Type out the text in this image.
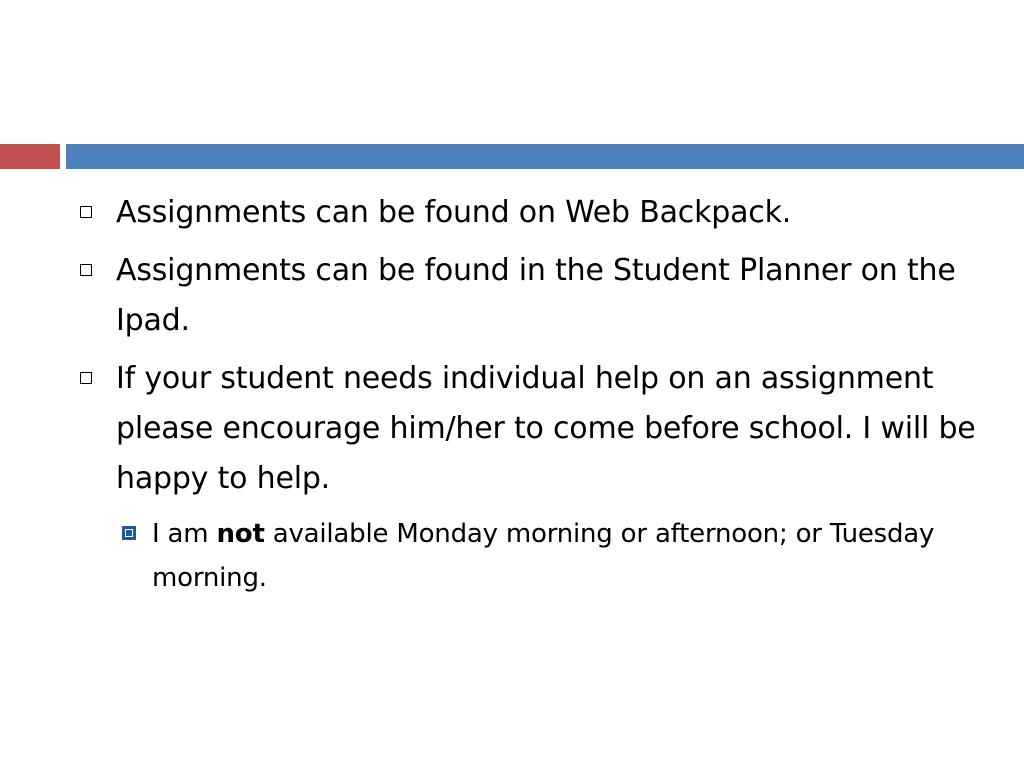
Assignments can be found on Web Backpack.
Assignments can be found in the Student Planner on the Ipad.
If your student needs individual help on an assignment please encourage him/her to come before school. I will be happy to help.
I am not available Monday morning or afternoon; or Tuesday morning.
